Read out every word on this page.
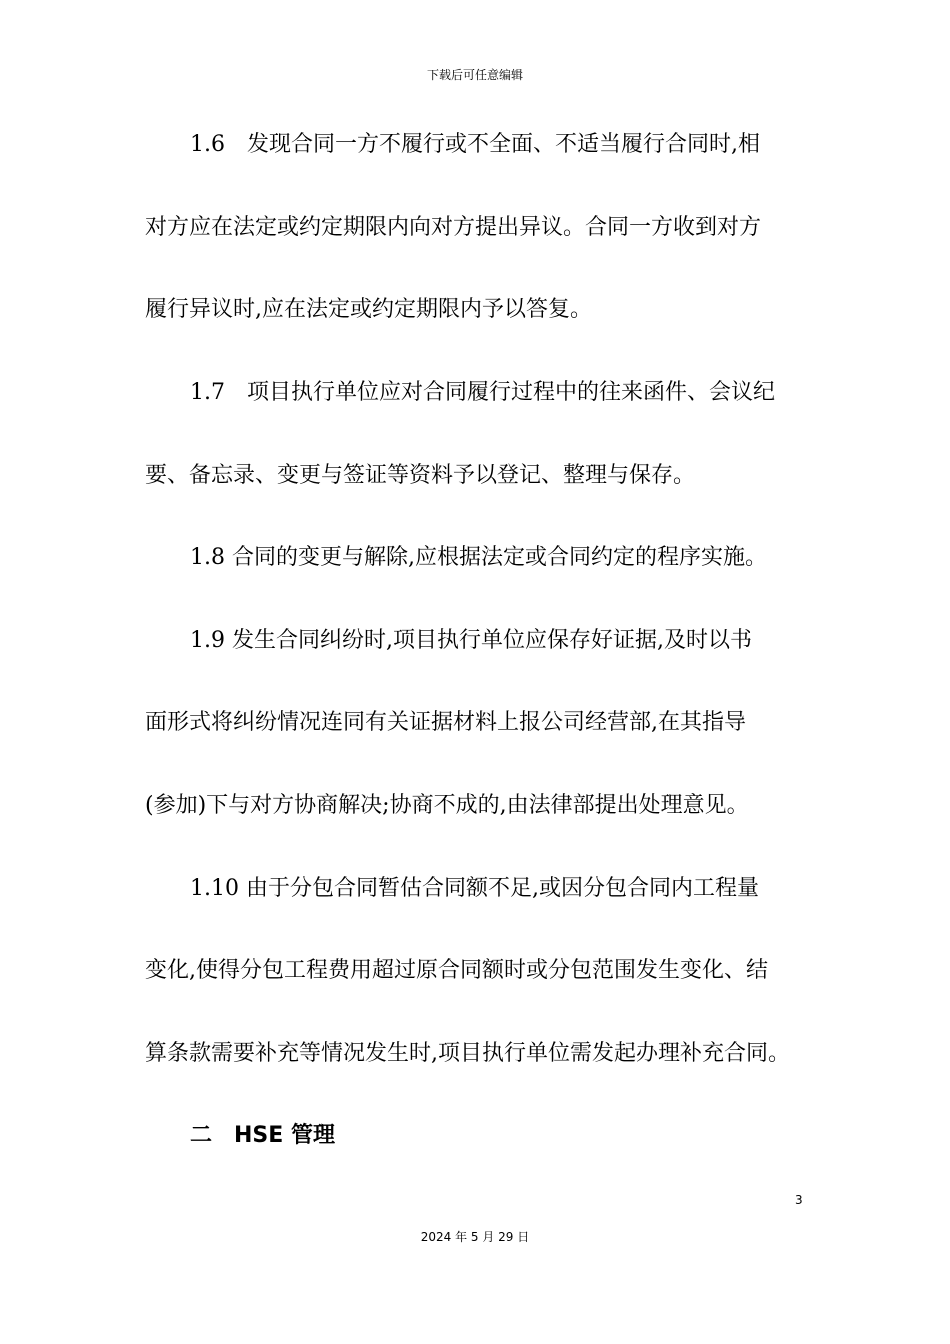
下载后可任意编辑
1.6　发现合同一方不履行或不全面、不适当履行合同时,相
对方应在法定或约定期限内向对方提出异议。合同一方收到对方
履行异议时,应在法定或约定期限内予以答复。
1.7　项目执行单位应对合同履行过程中的往来函件、会议纪
要、备忘录、变更与签证等资料予以登记、整理与保存。
1.8 合同的变更与解除,应根据法定或合同约定的程序实施。
1.9 发生合同纠纷时,项目执行单位应保存好证据,及时以书
面形式将纠纷情况连同有关证据材料上报公司经营部,在其指导
(参加)下与对方协商解决;协商不成的,由法律部提出处理意见。
1.10 由于分包合同暂估合同额不足,或因分包合同内工程量
变化,使得分包工程费用超过原合同额时或分包范围发生变化、结
算条款需要补充等情况发生时,项目执行单位需发起办理补充合同。
二　HSE 管理
3
2024 年 5 月 29 日
